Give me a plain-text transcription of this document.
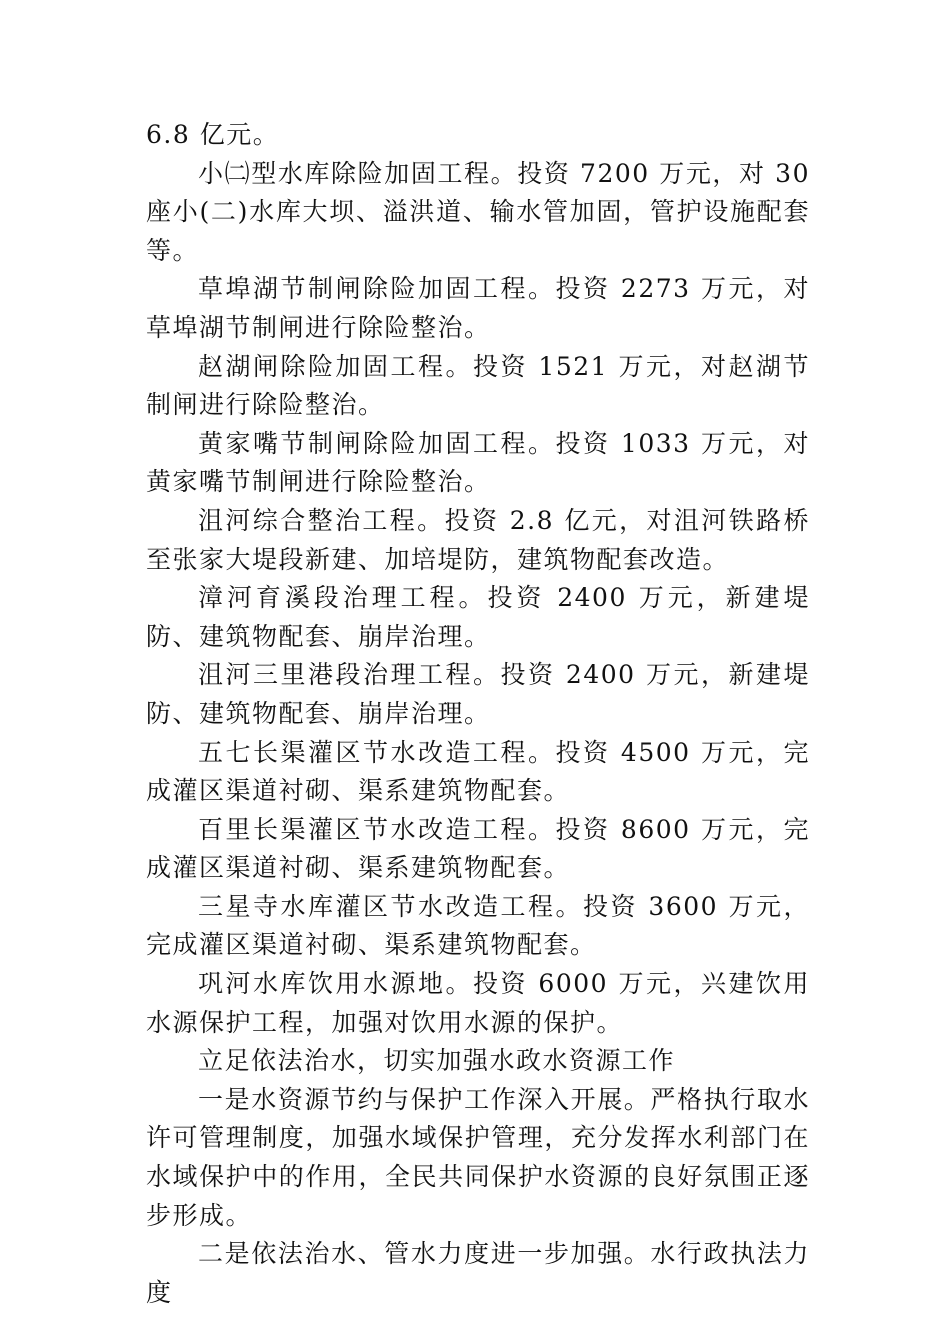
6.8 亿元。

小㈡型水库除险加固工程。投资 7200 万元，对 30 座小(二)水库大坝、溢洪道、输水管加固，管护设施配套等。

草埠湖节制闸除险加固工程。投资 2273 万元，对草埠湖节制闸进行除险整治。

赵湖闸除险加固工程。投资 1521 万元，对赵湖节制闸进行除险整治。

黄家嘴节制闸除险加固工程。投资 1033 万元，对黄家嘴节制闸进行除险整治。

沮河综合整治工程。投资 2.8 亿元，对沮河铁路桥至张家大堤段新建、加培堤防，建筑物配套改造。

漳河育溪段治理工程。投资 2400 万元，新建堤防、建筑物配套、崩岸治理。

沮河三里港段治理工程。投资 2400 万元，新建堤防、建筑物配套、崩岸治理。

五七长渠灌区节水改造工程。投资 4500 万元，完成灌区渠道衬砌、渠系建筑物配套。

百里长渠灌区节水改造工程。投资 8600 万元，完成灌区渠道衬砌、渠系建筑物配套。

三星寺水库灌区节水改造工程。投资 3600 万元，完成灌区渠道衬砌、渠系建筑物配套。

巩河水库饮用水源地。投资 6000 万元，兴建饮用水源保护工程，加强对饮用水源的保护。

立足依法治水，切实加强水政水资源工作

一是水资源节约与保护工作深入开展。严格执行取水许可管理制度，加强水域保护管理，充分发挥水利部门在水域保护中的作用，全民共同保护水资源的良好氛围正逐步形成。

二是依法治水、管水力度进一步加强。水行政执法力度
